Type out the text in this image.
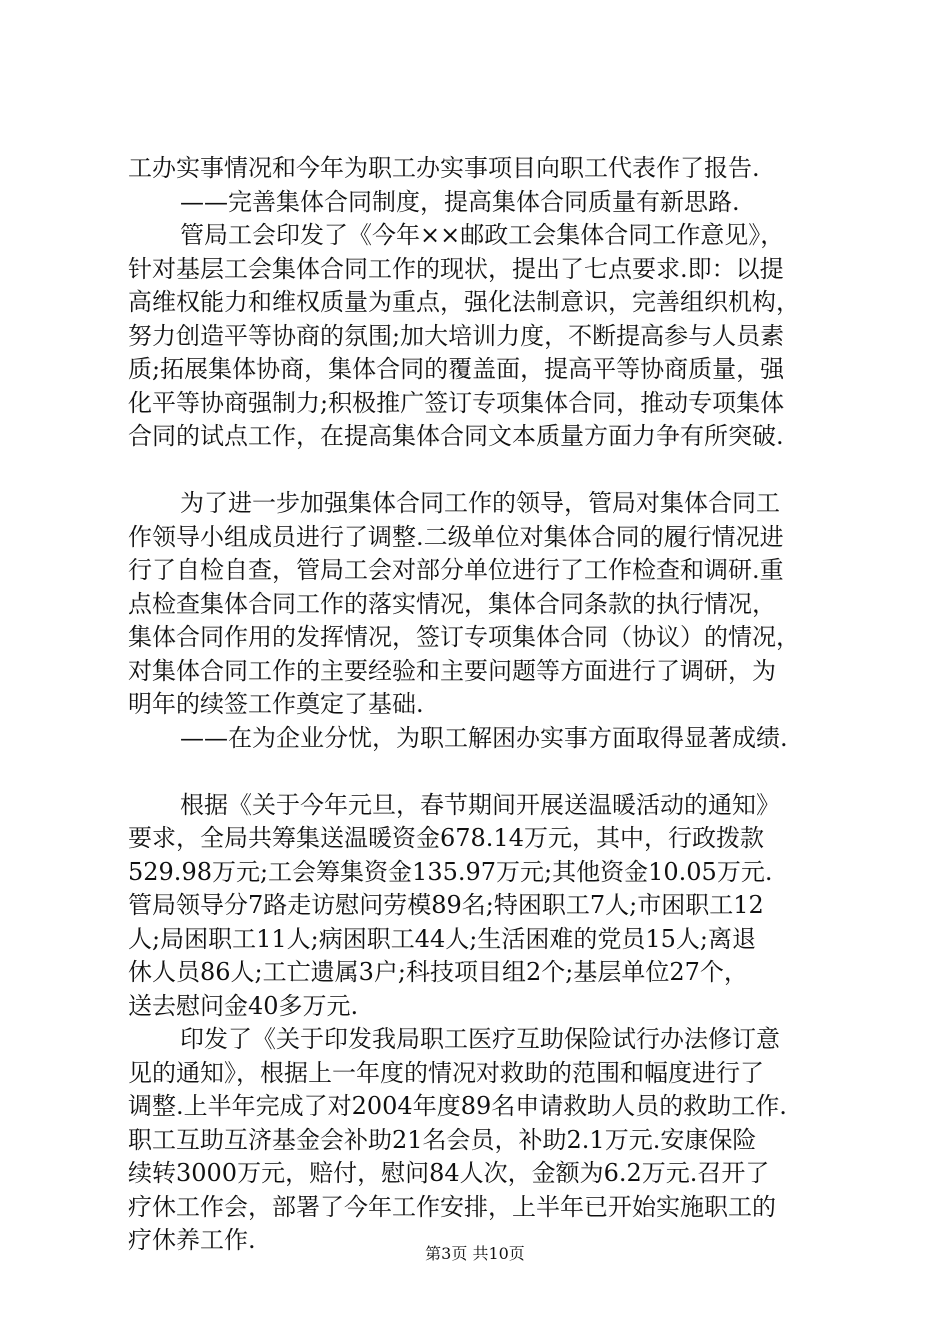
工办实事情况和今年为职工办实事项目向职工代表作了报告.
——完善集体合同制度，提高集体合同质量有新思路.
管局工会印发了《今年××邮政工会集体合同工作意见》，
针对基层工会集体合同工作的现状，提出了七点要求.即：以提
高维权能力和维权质量为重点，强化法制意识，完善组织机构，
努力创造平等协商的氛围;加大培训力度，不断提高参与人员素
质;拓展集体协商，集体合同的覆盖面，提高平等协商质量，强
化平等协商强制力;积极推广签订专项集体合同，推动专项集体
合同的试点工作，在提高集体合同文本质量方面力争有所突破.
为了进一步加强集体合同工作的领导，管局对集体合同工
作领导小组成员进行了调整.二级单位对集体合同的履行情况进
行了自检自查，管局工会对部分单位进行了工作检查和调研.重
点检查集体合同工作的落实情况，集体合同条款的执行情况，
集体合同作用的发挥情况，签订专项集体合同（协议）的情况，
对集体合同工作的主要经验和主要问题等方面进行了调研，为
明年的续签工作奠定了基础.
——在为企业分忧，为职工解困办实事方面取得显著成绩.
根据《关于今年元旦，春节期间开展送温暖活动的通知》
要求，全局共筹集送温暖资金678.14万元，其中，行政拨款
529.98万元;工会筹集资金135.97万元;其他资金10.05万元.
管局领导分7路走访慰问劳模89名;特困职工7人;市困职工12
人;局困职工11人;病困职工44人;生活困难的党员15人;离退
休人员86人;工亡遗属3户;科技项目组2个;基层单位27个，
送去慰问金40多万元.
印发了《关于印发我局职工医疗互助保险试行办法修订意
见的通知》，根据上一年度的情况对救助的范围和幅度进行了
调整.上半年完成了对2004年度89名申请救助人员的救助工作.
职工互助互济基金会补助21名会员，补助2.1万元.安康保险
续转3000万元，赔付，慰问84人次，金额为6.2万元.召开了
疗休工作会，部署了今年工作安排，上半年已开始实施职工的
疗休养工作.	第3页 共10页
